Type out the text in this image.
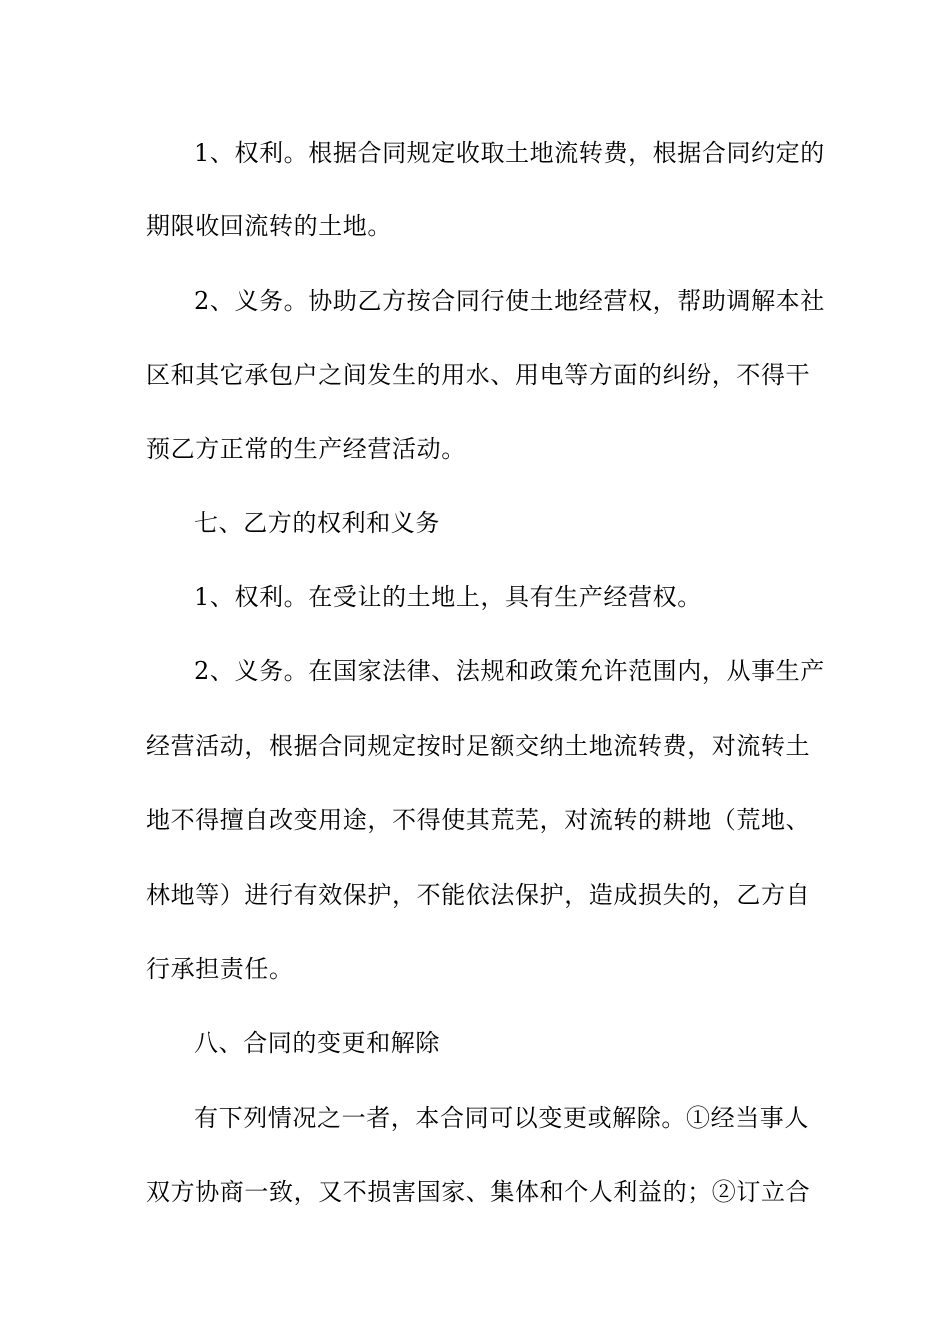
1、权利。根据合同规定收取土地流转费，根据合同约定的
期限收回流转的土地。
2、义务。协助乙方按合同行使土地经营权，帮助调解本社
区和其它承包户之间发生的用水、用电等方面的纠纷，不得干
预乙方正常的生产经营活动。
七、乙方的权利和义务
1、权利。在受让的土地上，具有生产经营权。
2、义务。在国家法律、法规和政策允许范围内，从事生产
经营活动，根据合同规定按时足额交纳土地流转费，对流转土
地不得擅自改变用途，不得使其荒芜，对流转的耕地（荒地、
林地等）进行有效保护，不能依法保护，造成损失的，乙方自
行承担责任。
八、合同的变更和解除
有下列情况之一者，本合同可以变更或解除。①经当事人
双方协商一致，又不损害国家、集体和个人利益的；②订立合
